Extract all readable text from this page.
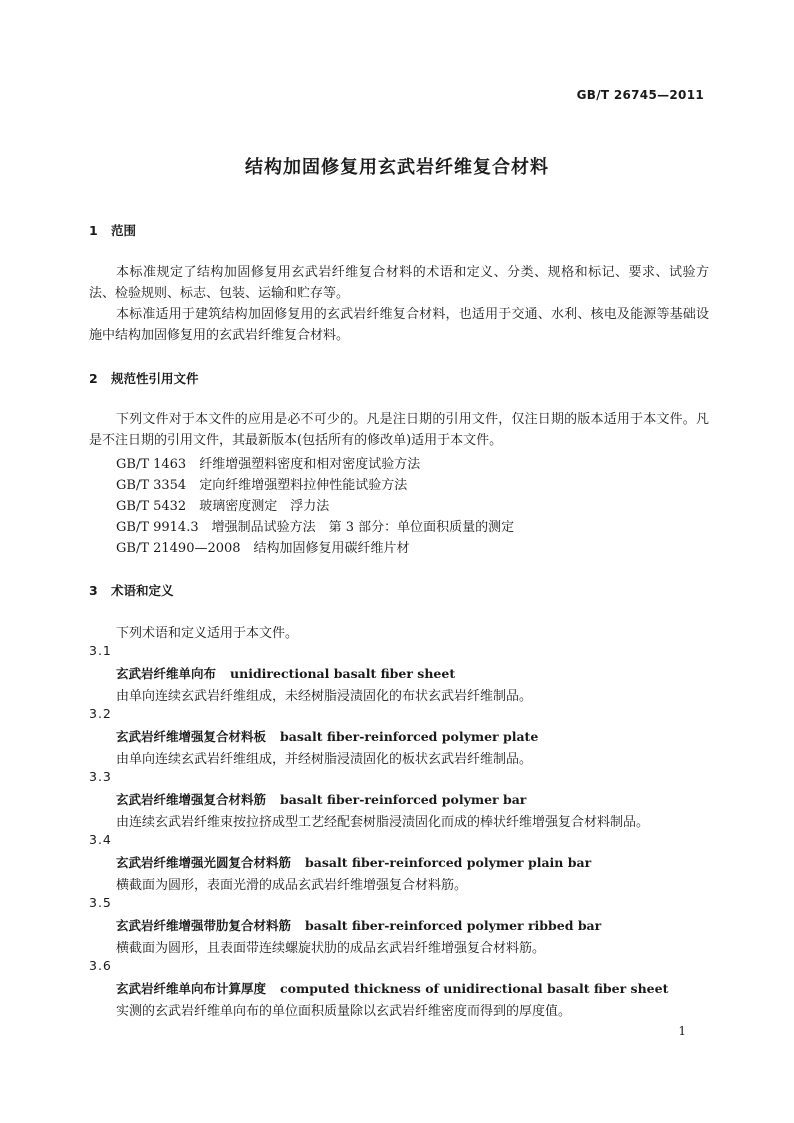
GB/T 26745—2011
结构加固修复用玄武岩纤维复合材料
1 范围
本标准规定了结构加固修复用玄武岩纤维复合材料的术语和定义、分类、规格和标记、要求、试验方法、检验规则、标志、包装、运输和贮存等。
本标准适用于建筑结构加固修复用的玄武岩纤维复合材料，也适用于交通、水利、核电及能源等基础设施中结构加固修复用的玄武岩纤维复合材料。
2 规范性引用文件
下列文件对于本文件的应用是必不可少的。凡是注日期的引用文件，仅注日期的版本适用于本文件。凡是不注日期的引用文件，其最新版本(包括所有的修改单)适用于本文件。
GB/T 1463　纤维增强塑料密度和相对密度试验方法
GB/T 3354　定向纤维增强塑料拉伸性能试验方法
GB/T 5432　玻璃密度测定　浮力法
GB/T 9914.3　增强制品试验方法　第 3 部分：单位面积质量的测定
GB/T 21490—2008　结构加固修复用碳纤维片材
3 术语和定义
下列术语和定义适用于本文件。
3.1
玄武岩纤维单向布 unidirectional basalt fiber sheet
由单向连续玄武岩纤维组成，未经树脂浸渍固化的布状玄武岩纤维制品。
3.2
玄武岩纤维增强复合材料板 basalt fiber-reinforced polymer plate
由单向连续玄武岩纤维组成，并经树脂浸渍固化的板状玄武岩纤维制品。
3.3
玄武岩纤维增强复合材料筋 basalt fiber-reinforced polymer bar
由连续玄武岩纤维束按拉挤成型工艺经配套树脂浸渍固化而成的棒状纤维增强复合材料制品。
3.4
玄武岩纤维增强光圆复合材料筋 basalt fiber-reinforced polymer plain bar
横截面为圆形，表面光滑的成品玄武岩纤维增强复合材料筋。
3.5
玄武岩纤维增强带肋复合材料筋 basalt fiber-reinforced polymer ribbed bar
横截面为圆形，且表面带连续螺旋状肋的成品玄武岩纤维增强复合材料筋。
3.6
玄武岩纤维单向布计算厚度 computed thickness of unidirectional basalt fiber sheet
实测的玄武岩纤维单向布的单位面积质量除以玄武岩纤维密度而得到的厚度值。
1
